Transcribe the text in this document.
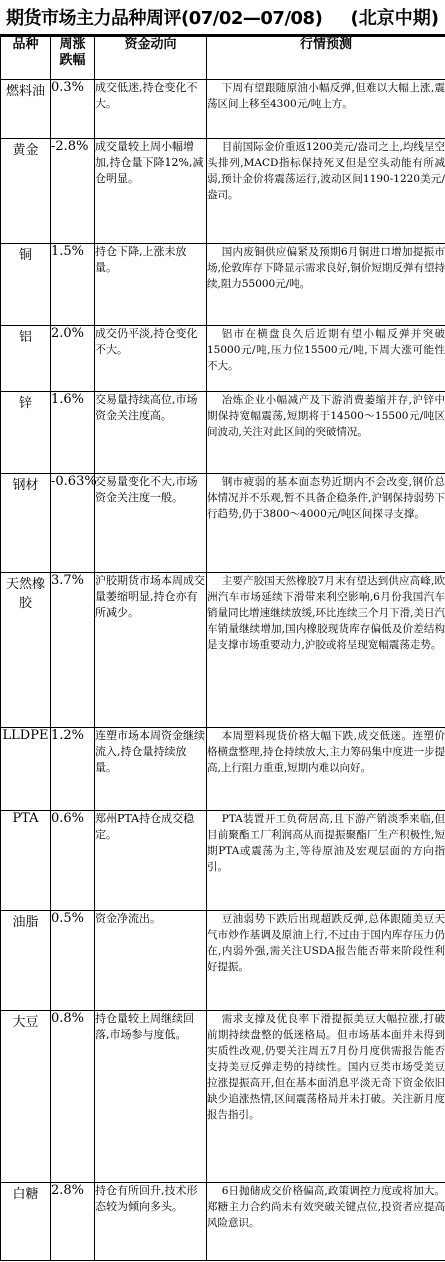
期货市场主力品种周评(07/02—07/08) (北京中期)
品种	周涨跌幅	资金动向	行情预测
燃料油	0.3%	成交低迷,持仓变化不大。	下周有望跟随原油小幅反弹,但难以大幅上涨,震荡区间上移至4300元/吨上方。
黄金	-2.8%	成交量较上周小幅增加,持仓量下降12%,减仓明显。	目前国际金价重返1200美元/盎司之上,均线呈空头排列,MACD指标保持死叉但是空头动能有所减弱,预计金价将震荡运行,波动区间1190-1220美元/盎司。
铜	1.5%	持仓下降,上涨未放量。	国内废铜供应偏紧及预期6月铜进口增加提振市场,伦敦库存下降显示需求良好,铜价短期反弹有望持续,阻力55000元/吨。
铝	2.0%	成交仍平淡,持仓变化不大。	铝市在横盘良久后近期有望小幅反弹并突破15000元/吨,压力位15500元/吨,下周大涨可能性不大。
锌	1.6%	交易量持续高位,市场资金关注度高。	冶炼企业小幅减产及下游消费萎缩并存,沪锌中期保持宽幅震荡,短期将于14500～15500元/吨区间波动,关注对此区间的突破情况。
钢材	-0.63%	交易量变化不大,市场资金关注度一般。	钢市疲弱的基本面态势近期内不会改变,钢价总体情况并不乐观,暂不具备企稳条件,沪钢保持弱势下行趋势,仍于3800～4000元/吨区间探寻支撑。
天然橡胶	3.7%	沪胶期货市场本周成交量萎缩明显,持仓亦有所减少。	主要产胶国天然橡胶7月末有望达到供应高峰,欧洲汽车市场延续下滑带来利空影响,6月份我国汽车销量同比增速继续放缓,环比连续三个月下滑,美日汽车销量继续增加,国内橡胶现货库存偏低及价差结构是支撑市场重要动力,沪胶或将呈现宽幅震荡走势。
LLDPE	1.2%	连塑市场本周资金继续流入,持仓量持续放量。	本周塑料现货价格大幅下跌,成交低迷。连塑价格横盘整理,持仓持续放大,主力筹码集中度进一步提高,上行阻力重重,短期内难以向好。
PTA	0.6%	郑州PTA持仓成交稳定。	PTA装置开工负荷居高,且下游产销淡季来临,但目前聚酯工厂利润高从而提振聚酯厂生产积极性,短期PTA或震荡为主,等待原油及宏观层面的方向指引。
油脂	0.5%	资金净流出。	豆油弱势下跌后出现超跌反弹,总体跟随美豆天气市炒作基调及原油上行,不过由于国内库存压力仍在,内弱外强,需关注USDA报告能否带来阶段性利好提振。
大豆	0.8%	持仓量较上周继续回落,市场参与度低。	需求支撑及优良率下滑提振美豆大幅拉涨,打破前期持续盘整的低迷格局。但市场基本面并未得到实质性改观,仍要关注周五7月份月度供需报告能否支持美豆反弹走势的持续性。国内豆类市场受美豆拉涨提振高开,但在基本面消息平淡无奇下资金依旧缺少追涨热情,区间震荡格局并未打破。关注新月度报告指引。
白糖	2.8%	持仓有所回升,技术形态较为倾向多头。	6日抛储成交价格偏高,政策调控力度或将加大。郑糖主力合约尚未有效突破关键点位,投资者应提高风险意识。
